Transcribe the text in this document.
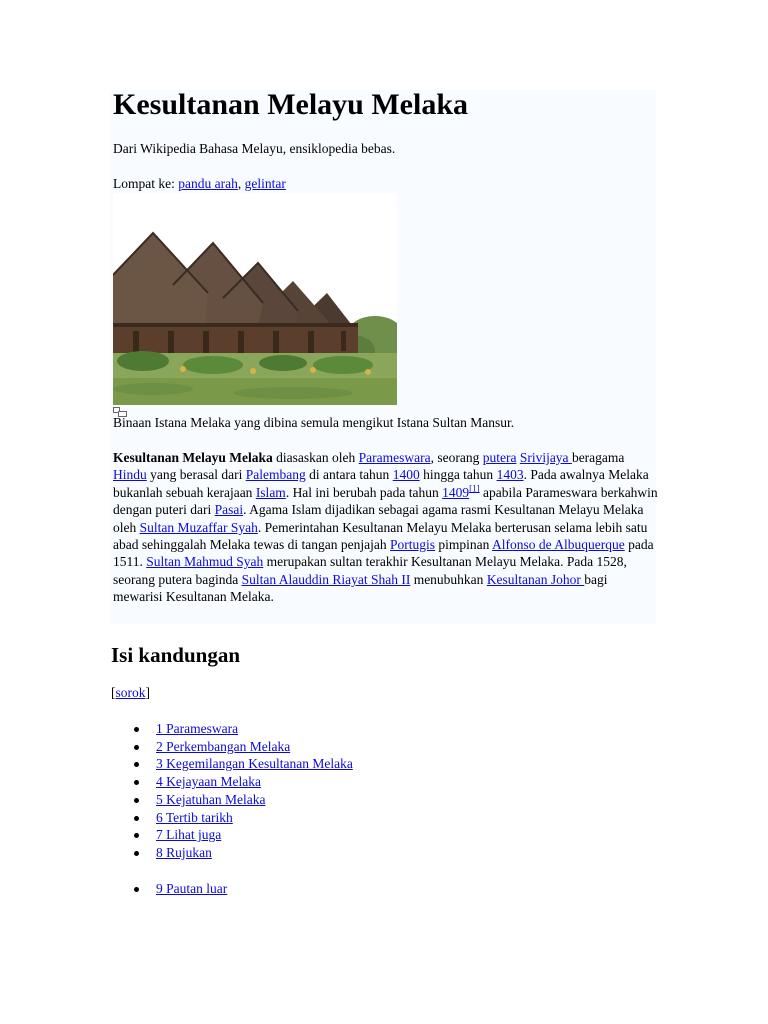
Kesultanan Melayu Melaka
Dari Wikipedia Bahasa Melayu, ensiklopedia bebas.
Lompat ke: pandu arah, gelintar
Binaan Istana Melaka yang dibina semula mengikut Istana Sultan Mansur.
Kesultanan Melayu Melaka diasaskan oleh Parameswara, seorang putera Srivijaya beragama Hindu yang berasal dari Palembang di antara tahun 1400 hingga tahun 1403. Pada awalnya Melaka bukanlah sebuah kerajaan Islam. Hal ini berubah pada tahun 1409[1] apabila Parameswara berkahwin dengan puteri dari Pasai. Agama Islam dijadikan sebagai agama rasmi Kesultanan Melayu Melaka oleh Sultan Muzaffar Syah. Pemerintahan Kesultanan Melayu Melaka berterusan selama lebih satu abad sehinggalah Melaka tewas di tangan penjajah Portugis pimpinan Alfonso de Albuquerque pada 1511. Sultan Mahmud Syah merupakan sultan terakhir Kesultanan Melayu Melaka. Pada 1528, seorang putera baginda Sultan Alauddin Riayat Shah II menubuhkan Kesultanan Johor bagi mewarisi Kesultanan Melaka.
Isi kandungan
[sorok]
1 Parameswara
2 Perkembangan Melaka
3 Kegemilangan Kesultanan Melaka
4 Kejayaan Melaka
5 Kejatuhan Melaka
6 Tertib tarikh
7 Lihat juga
8 Rujukan
9 Pautan luar
